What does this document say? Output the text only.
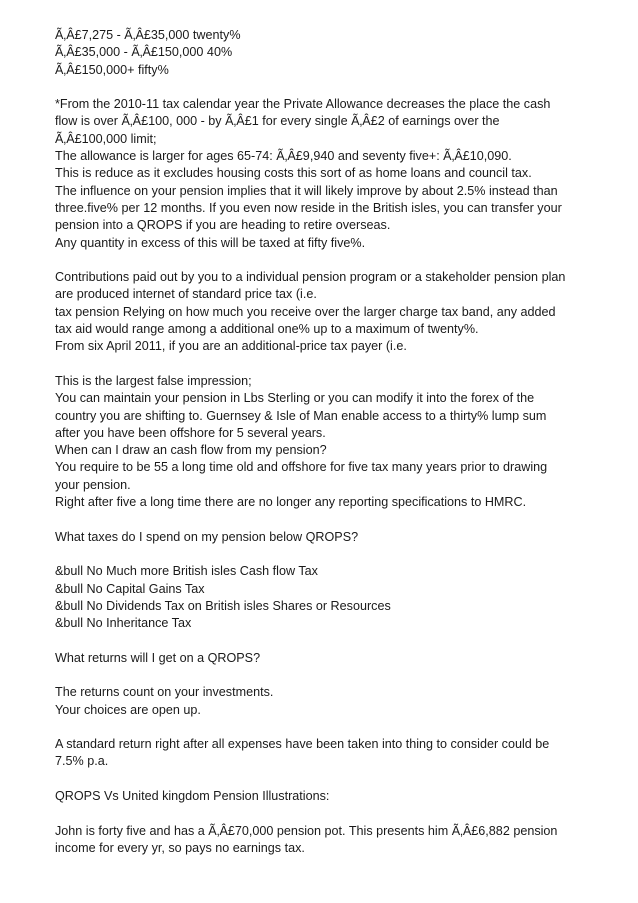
Ã‚Â£7,275 - Ã‚Â£35,000 twenty%

Ã‚Â£35,000 - Ã‚Â£150,000 40%

Ã‚Â£150,000+ fifty%

*From the 2010-11 tax calendar year the Private Allowance decreases the place the cash

flow is over Ã‚Â£100, 000 - by Ã‚Â£1 for every single Ã‚Â£2 of earnings over the

Ã‚Â£100,000 limit;

The allowance is larger for ages 65-74: Ã‚Â£9,940 and seventy five+: Ã‚Â£10,090.

This is reduce as it excludes housing costs this sort of as home loans and council tax.

The influence on your pension implies that it will likely improve by about 2.5% instead than

three.five% per 12 months. If you even now reside in the British isles, you can transfer your

pension into a QROPS if you are heading to retire overseas.

Any quantity in excess of this will be taxed at fifty five%.

Contributions paid out by you to a individual pension program or a stakeholder pension plan

are produced internet of standard price tax (i.e.

tax pension Relying on how much you receive over the larger charge tax band, any added

tax aid would range among a additional one% up to a maximum of twenty%.

From six April 2011, if you are an additional-price tax payer (i.e.

This is the largest false impression;

You can maintain your pension in Lbs Sterling or you can modify it into the forex of the

country you are shifting to. Guernsey & Isle of Man enable access to a thirty% lump sum

after you have been offshore for 5 several years.

When can I draw an cash flow from my pension?

You require to be 55 a long time old and offshore for five tax many years prior to drawing

your pension.

Right after five a long time there are no longer any reporting specifications to HMRC.

What taxes do I spend on my pension below QROPS?

&bull No Much more British isles Cash flow Tax

&bull No Capital Gains Tax

&bull No Dividends Tax on British isles Shares or Resources

&bull No Inheritance Tax

What returns will I get on a QROPS?

The returns count on your investments.

Your choices are open up.

A standard return right after all expenses have been taken into thing to consider could be

7.5% p.a.

QROPS Vs United kingdom Pension Illustrations:

John is forty five and has a Ã‚Â£70,000 pension pot. This presents him Ã‚Â£6,882 pension

income for every yr, so pays no earnings tax.
